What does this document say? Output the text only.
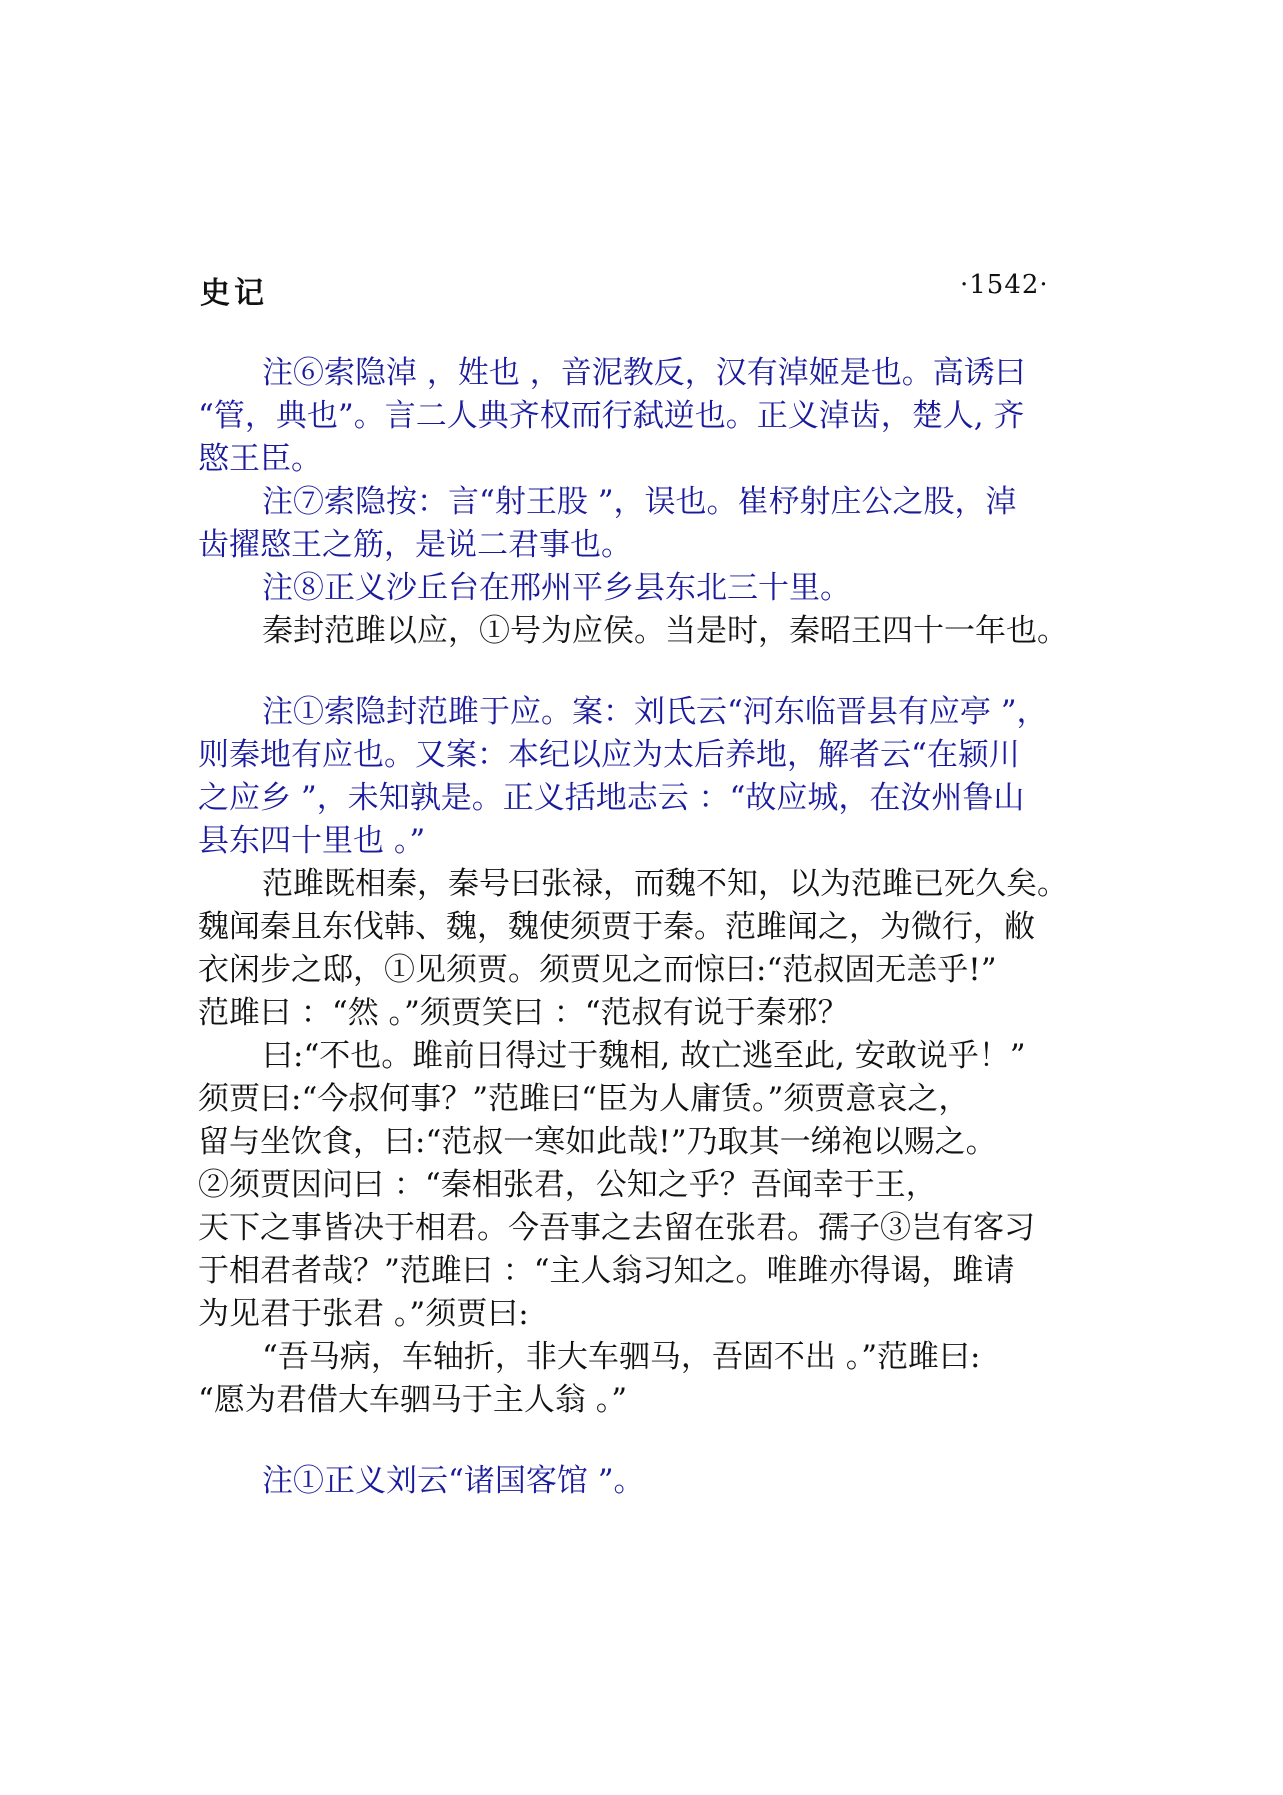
史记	·1542·

注⑥索隐淖 ，姓也 ，音泥教反，汉有淖姬是也。高诱曰

“管，典也”。言二人典齐权而行弑逆也。正义淖齿，楚人, 齐

愍王臣。

注⑦索隐按：言“射王股 ”，误也。崔杼射庄公之股，淖

齿擢愍王之筋，是说二君事也。

注⑧正义沙丘台在邢州平乡县东北三十里。

秦封范雎以应，①号为应侯。当是时，秦昭王四十一年也。

注①索隐封范雎于应。案：刘氏云“河东临晋县有应亭 ”，

则秦地有应也。又案：本纪以应为太后养地，解者云“在颍川

之应乡 ”，未知孰是。正义括地志云 ：“故应城，在汝州鲁山

县东四十里也 。”

范雎既相秦，秦号曰张禄，而魏不知，以为范雎已死久矣。

魏闻秦且东伐韩、魏，魏使须贾于秦。范雎闻之，为微行，敝

衣闲步之邸，①见须贾。须贾见之而惊曰:“范叔固无恙乎!”

范雎曰 ：“然 。”须贾笑曰 ：“范叔有说于秦邪？

曰:“不也。雎前日得过于魏相, 故亡逃至此, 安敢说乎！”

须贾曰:“今叔何事？”范雎曰“臣为人庸赁。”须贾意哀之，

留与坐饮食，曰:“范叔一寒如此哉!”乃取其一绨袍以赐之。

②须贾因问曰 ：“秦相张君，公知之乎？吾闻幸于王，

天下之事皆决于相君。今吾事之去留在张君。孺子③岂有客习

于相君者哉？”范雎曰 ：“主人翁习知之。唯雎亦得谒，雎请

为见君于张君 。”须贾曰:

“吾马病，车轴折，非大车驷马，吾固不出 。”范雎曰:

“愿为君借大车驷马于主人翁 。”

注①正义刘云“诸国客馆 ”。
